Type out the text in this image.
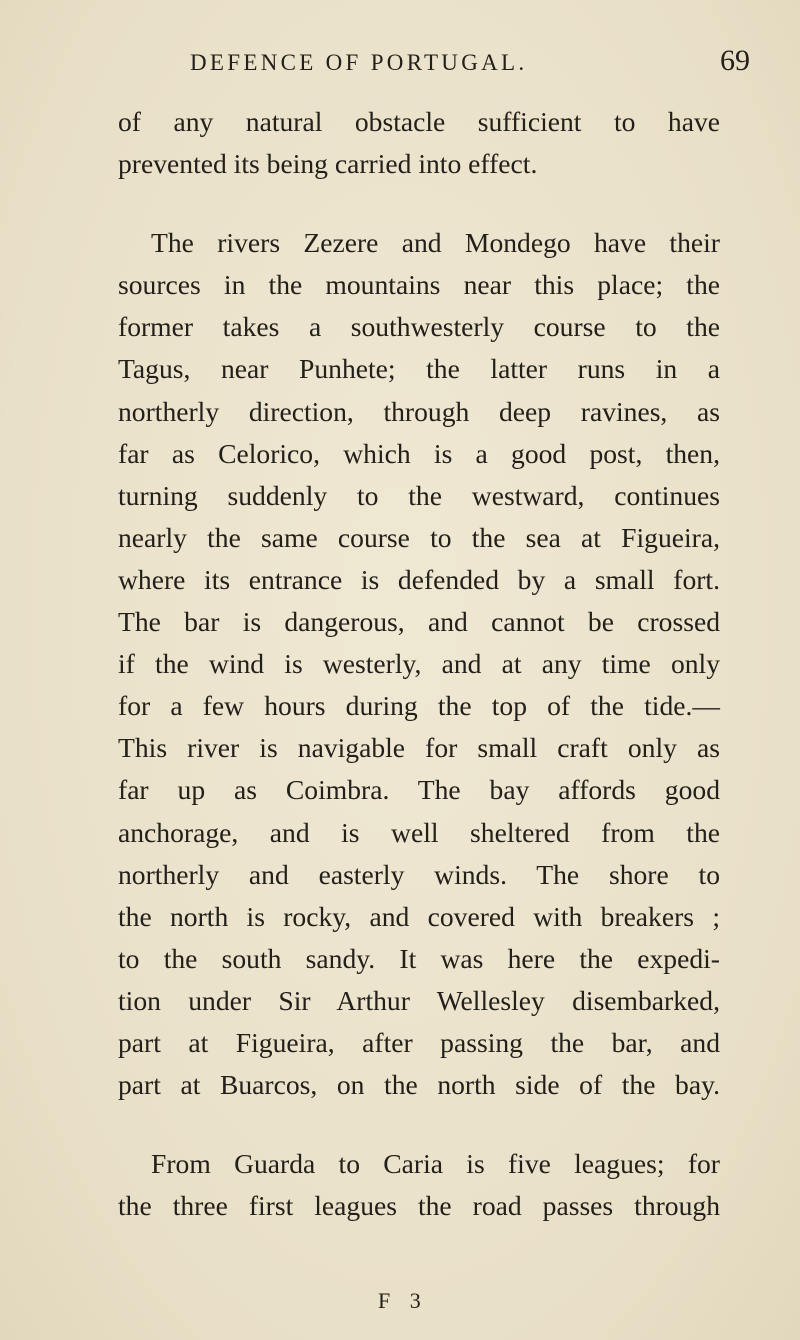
DEFENCE OF PORTUGAL.	69
of any natural obstacle sufficient to have
prevented its being carried into effect.
The rivers Zezere and Mondego have their
sources in the mountains near this place; the
former takes a southwesterly course to the
Tagus, near Punhete; the latter runs in a
northerly direction, through deep ravines, as
far as Celorico, which is a good post, then,
turning suddenly to the westward, continues
nearly the same course to the sea at Figueira,
where its entrance is defended by a small fort.
The bar is dangerous, and cannot be crossed
if the wind is westerly, and at any time only
for a few hours during the top of the tide.—
This river is navigable for small craft only as
far up as Coimbra. The bay affords good
anchorage, and is well sheltered from the
northerly and easterly winds. The shore to
the north is rocky, and covered with breakers ;
to the south sandy. It was here the expedi-
tion under Sir Arthur Wellesley disembarked,
part at Figueira, after passing the bar, and
part at Buarcos, on the north side of the bay.
From Guarda to Caria is five leagues; for
the three first leagues the road passes through
F 3
